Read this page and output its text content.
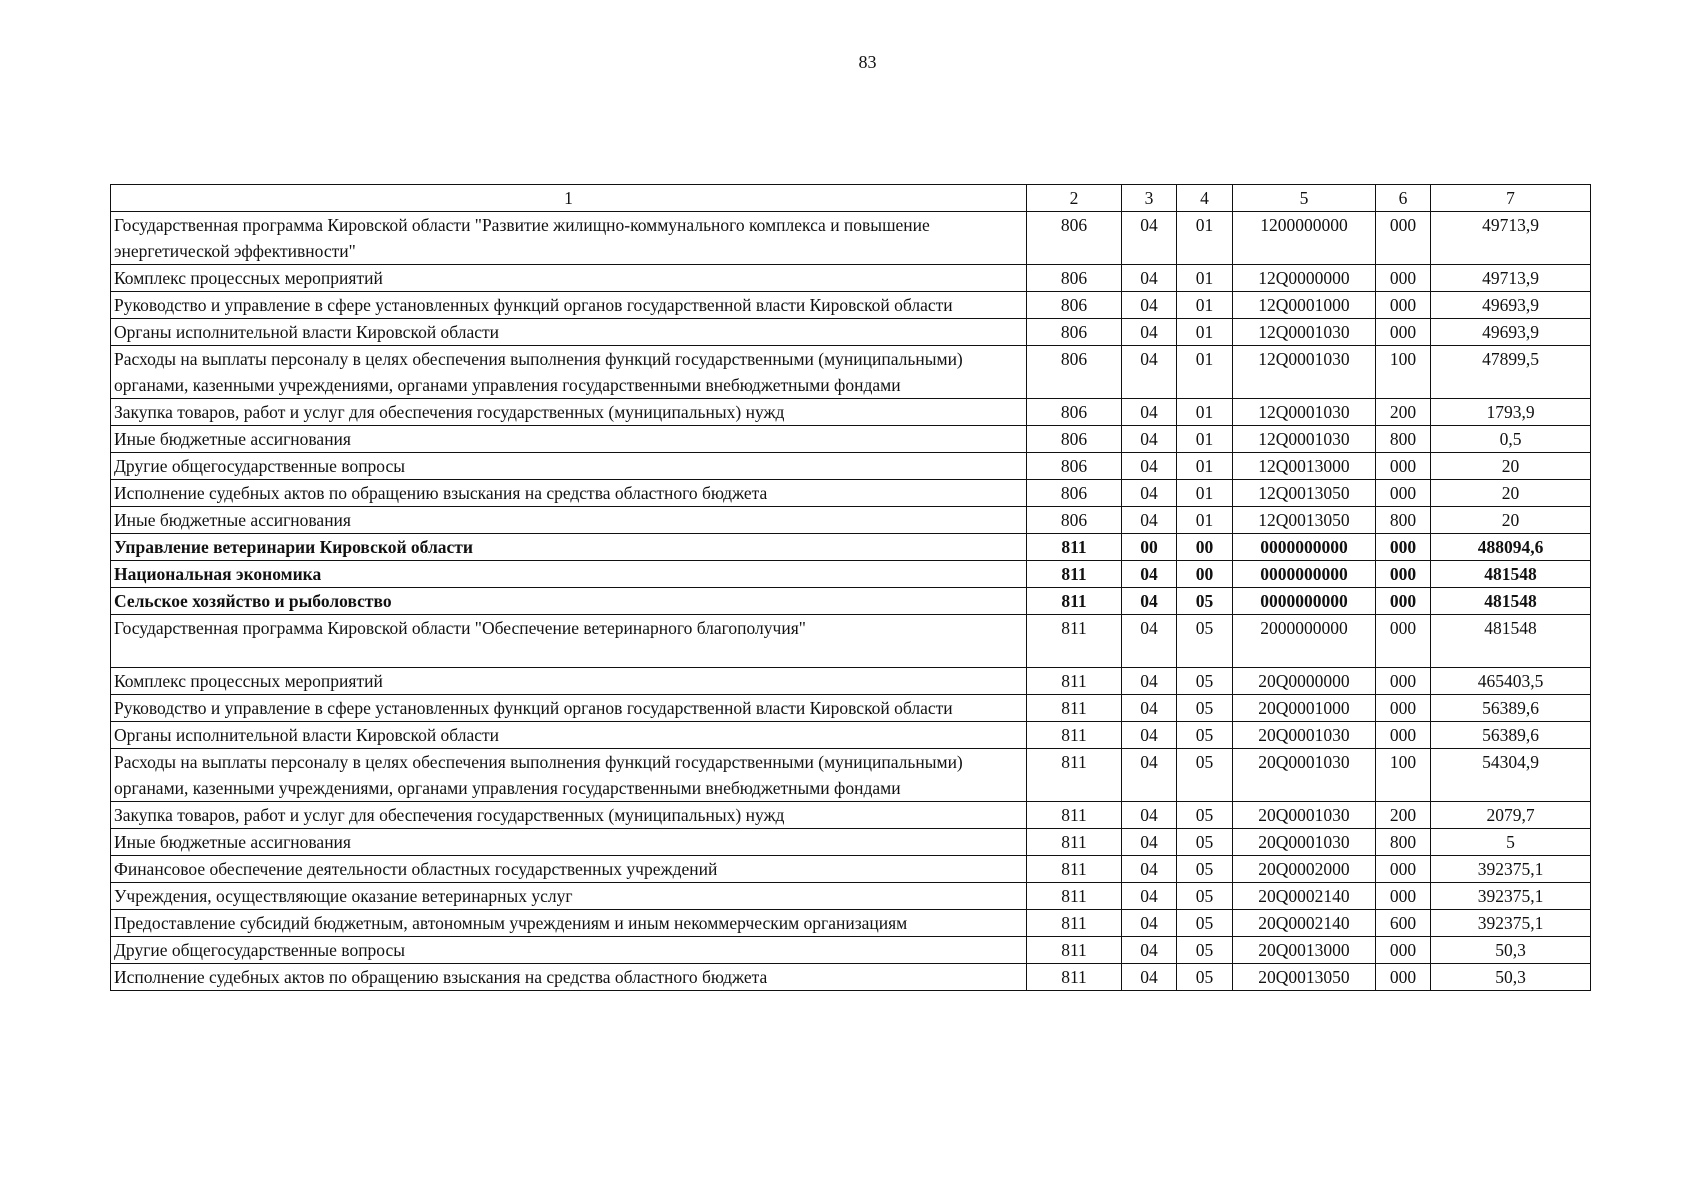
83
1	2	3	4	5	6	7
Государственная программа Кировской области "Развитие жилищно-коммунального комплекса и повышение энергетической эффективности"	806	04	01	1200000000	000	49713,9
Комплекс процессных мероприятий	806	04	01	12Q0000000	000	49713,9
Руководство и управление в сфере установленных функций органов государственной власти Кировской области	806	04	01	12Q0001000	000	49693,9
Органы исполнительной власти Кировской области	806	04	01	12Q0001030	000	49693,9
Расходы на выплаты персоналу в целях обеспечения выполнения функций государственными (муниципальными) органами, казенными учреждениями, органами управления государственными внебюджетными фондами	806	04	01	12Q0001030	100	47899,5
Закупка товаров, работ и услуг для обеспечения государственных (муниципальных) нужд	806	04	01	12Q0001030	200	1793,9
Иные бюджетные ассигнования	806	04	01	12Q0001030	800	0,5
Другие общегосударственные вопросы	806	04	01	12Q0013000	000	20
Исполнение судебных актов по обращению взыскания на средства областного бюджета	806	04	01	12Q0013050	000	20
Иные бюджетные ассигнования	806	04	01	12Q0013050	800	20
Управление ветеринарии Кировской области	811	00	00	0000000000	000	488094,6
Национальная экономика	811	04	00	0000000000	000	481548
Сельское хозяйство и рыболовство	811	04	05	0000000000	000	481548
Государственная программа Кировской области "Обеспечение ветеринарного благополучия"	811	04	05	2000000000	000	481548
Комплекс процессных мероприятий	811	04	05	20Q0000000	000	465403,5
Руководство и управление в сфере установленных функций органов государственной власти Кировской области	811	04	05	20Q0001000	000	56389,6
Органы исполнительной власти Кировской области	811	04	05	20Q0001030	000	56389,6
Расходы на выплаты персоналу в целях обеспечения выполнения функций государственными (муниципальными) органами, казенными учреждениями, органами управления государственными внебюджетными фондами	811	04	05	20Q0001030	100	54304,9
Закупка товаров, работ и услуг для обеспечения государственных (муниципальных) нужд	811	04	05	20Q0001030	200	2079,7
Иные бюджетные ассигнования	811	04	05	20Q0001030	800	5
Финансовое обеспечение деятельности областных государственных учреждений	811	04	05	20Q0002000	000	392375,1
Учреждения, осуществляющие оказание ветеринарных услуг	811	04	05	20Q0002140	000	392375,1
Предоставление субсидий бюджетным, автономным учреждениям и иным некоммерческим организациям	811	04	05	20Q0002140	600	392375,1
Другие общегосударственные вопросы	811	04	05	20Q0013000	000	50,3
Исполнение судебных актов по обращению взыскания на средства областного бюджета	811	04	05	20Q0013050	000	50,3
